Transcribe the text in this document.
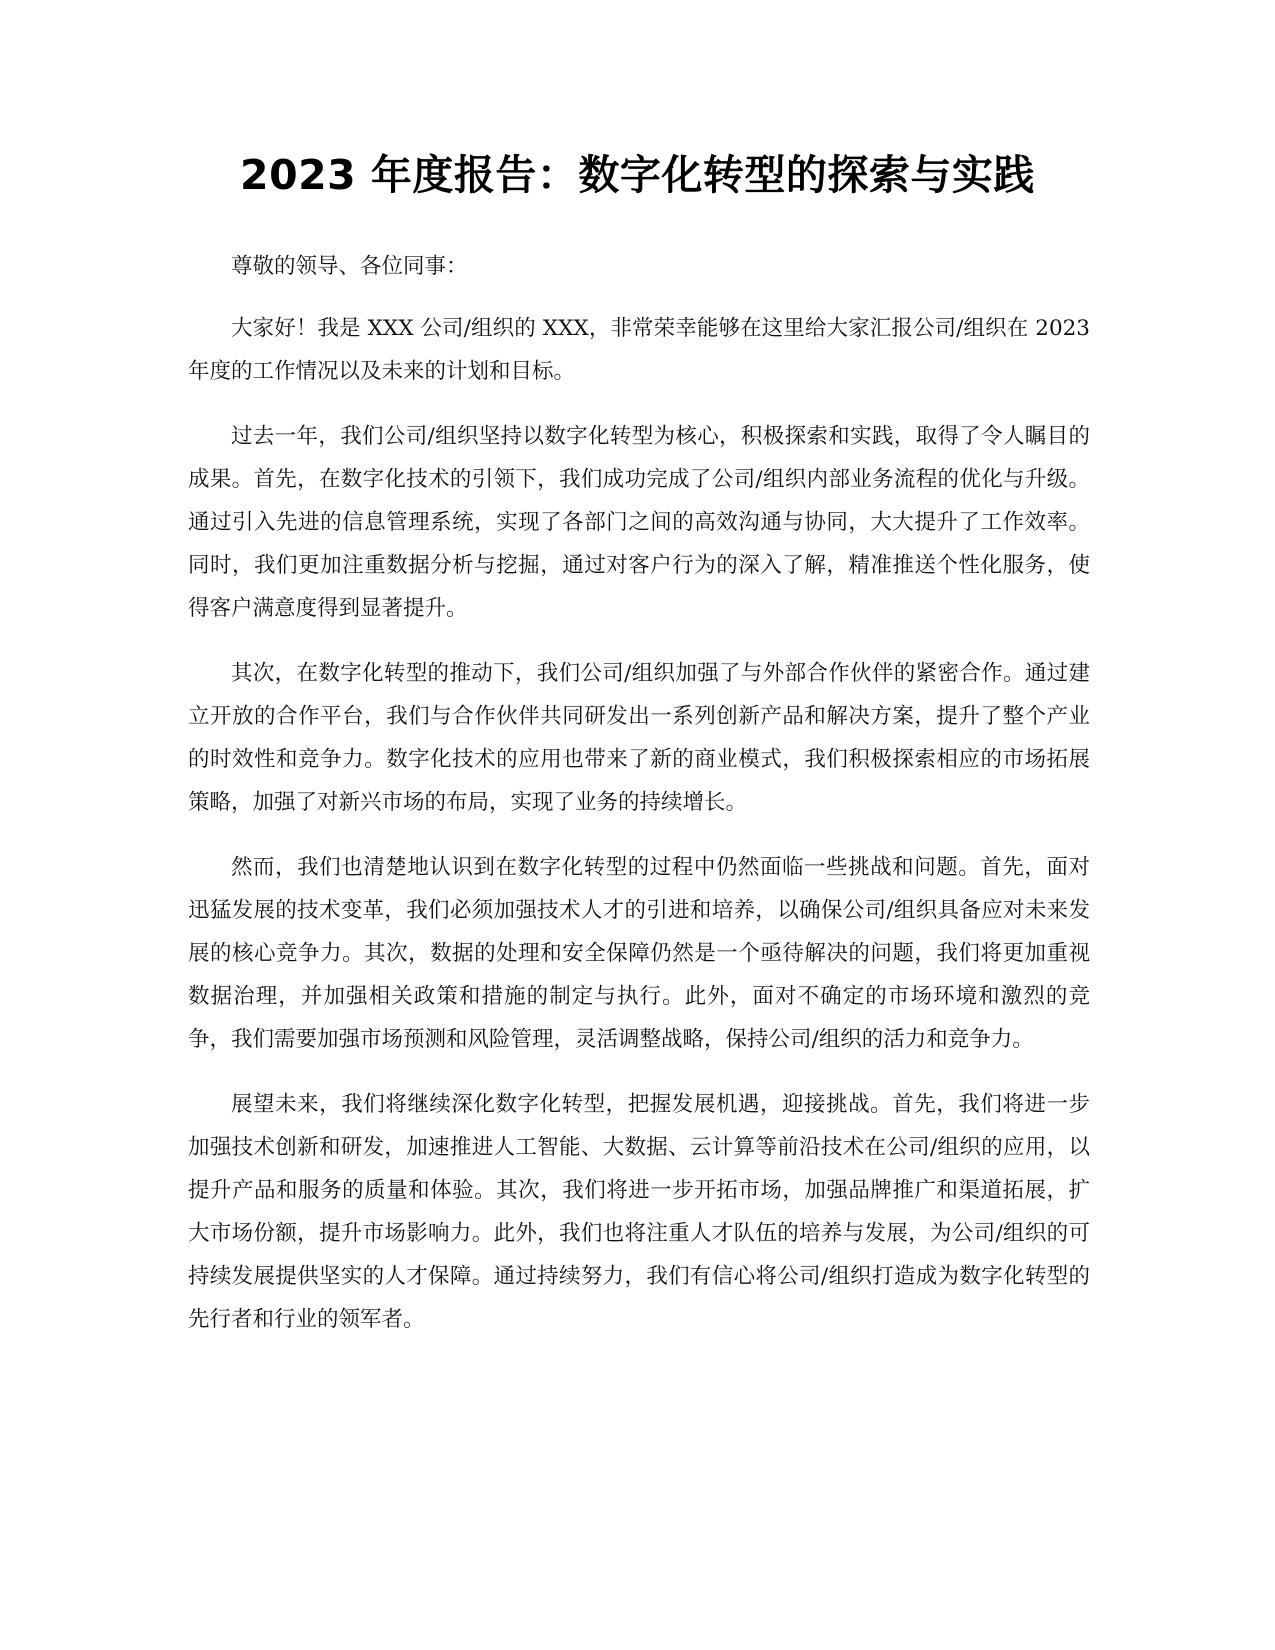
2023 年度报告：数字化转型的探索与实践

尊敬的领导、各位同事：

大家好！我是 XXX 公司/组织的 XXX，非常荣幸能够在这里给大家汇报公司/组织在 2023 年度的工作情况以及未来的计划和目标。

过去一年，我们公司/组织坚持以数字化转型为核心，积极探索和实践，取得了令人瞩目的成果。首先，在数字化技术的引领下，我们成功完成了公司/组织内部业务流程的优化与升级。通过引入先进的信息管理系统，实现了各部门之间的高效沟通与协同，大大提升了工作效率。同时，我们更加注重数据分析与挖掘，通过对客户行为的深入了解，精准推送个性化服务，使得客户满意度得到显著提升。

其次，在数字化转型的推动下，我们公司/组织加强了与外部合作伙伴的紧密合作。通过建立开放的合作平台，我们与合作伙伴共同研发出一系列创新产品和解决方案，提升了整个产业的时效性和竞争力。数字化技术的应用也带来了新的商业模式，我们积极探索相应的市场拓展策略，加强了对新兴市场的布局，实现了业务的持续增长。

然而，我们也清楚地认识到在数字化转型的过程中仍然面临一些挑战和问题。首先，面对迅猛发展的技术变革，我们必须加强技术人才的引进和培养，以确保公司/组织具备应对未来发展的核心竞争力。其次，数据的处理和安全保障仍然是一个亟待解决的问题，我们将更加重视数据治理，并加强相关政策和措施的制定与执行。此外，面对不确定的市场环境和激烈的竞争，我们需要加强市场预测和风险管理，灵活调整战略，保持公司/组织的活力和竞争力。

展望未来，我们将继续深化数字化转型，把握发展机遇，迎接挑战。首先，我们将进一步加强技术创新和研发，加速推进人工智能、大数据、云计算等前沿技术在公司/组织的应用，以提升产品和服务的质量和体验。其次，我们将进一步开拓市场，加强品牌推广和渠道拓展，扩大市场份额，提升市场影响力。此外，我们也将注重人才队伍的培养与发展，为公司/组织的可持续发展提供坚实的人才保障。通过持续努力，我们有信心将公司/组织打造成为数字化转型的先行者和行业的领军者。
